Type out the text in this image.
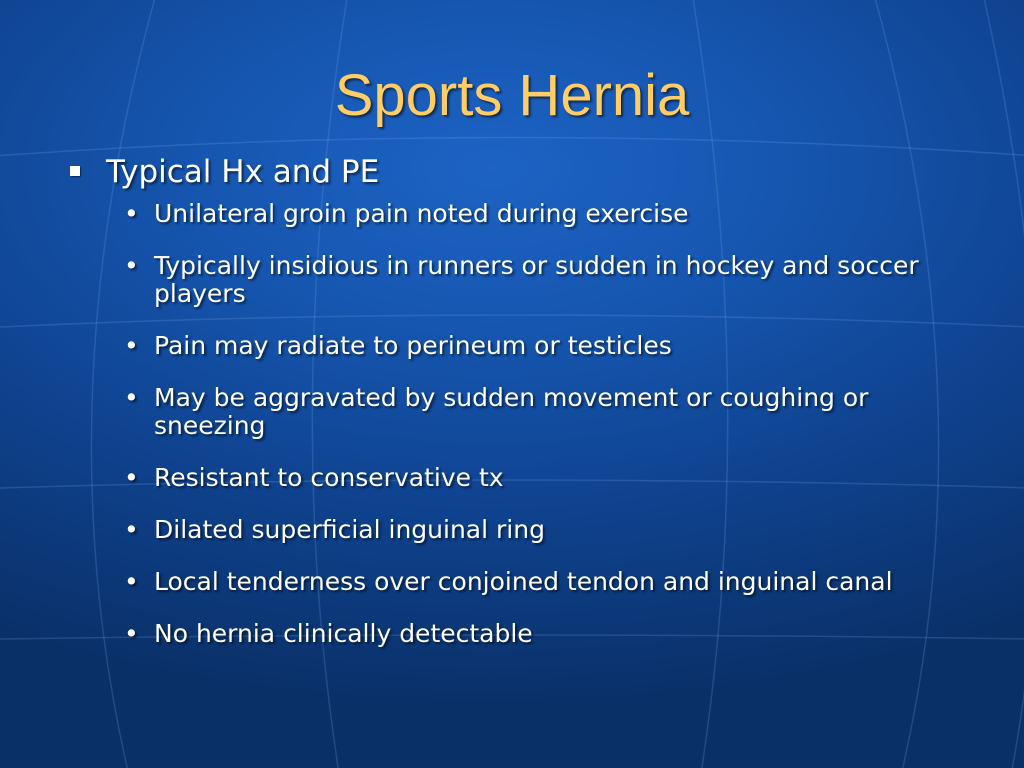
Sports Hernia
Typical Hx and PE
• Unilateral groin pain noted during exercise
• Typically insidious in runners or sudden in hockey and soccer players
• Pain may radiate to perineum or testicles
• May be aggravated by sudden movement or coughing or sneezing
• Resistant to conservative tx
• Dilated superficial inguinal ring
• Local tenderness over conjoined tendon and inguinal canal
• No hernia clinically detectable
